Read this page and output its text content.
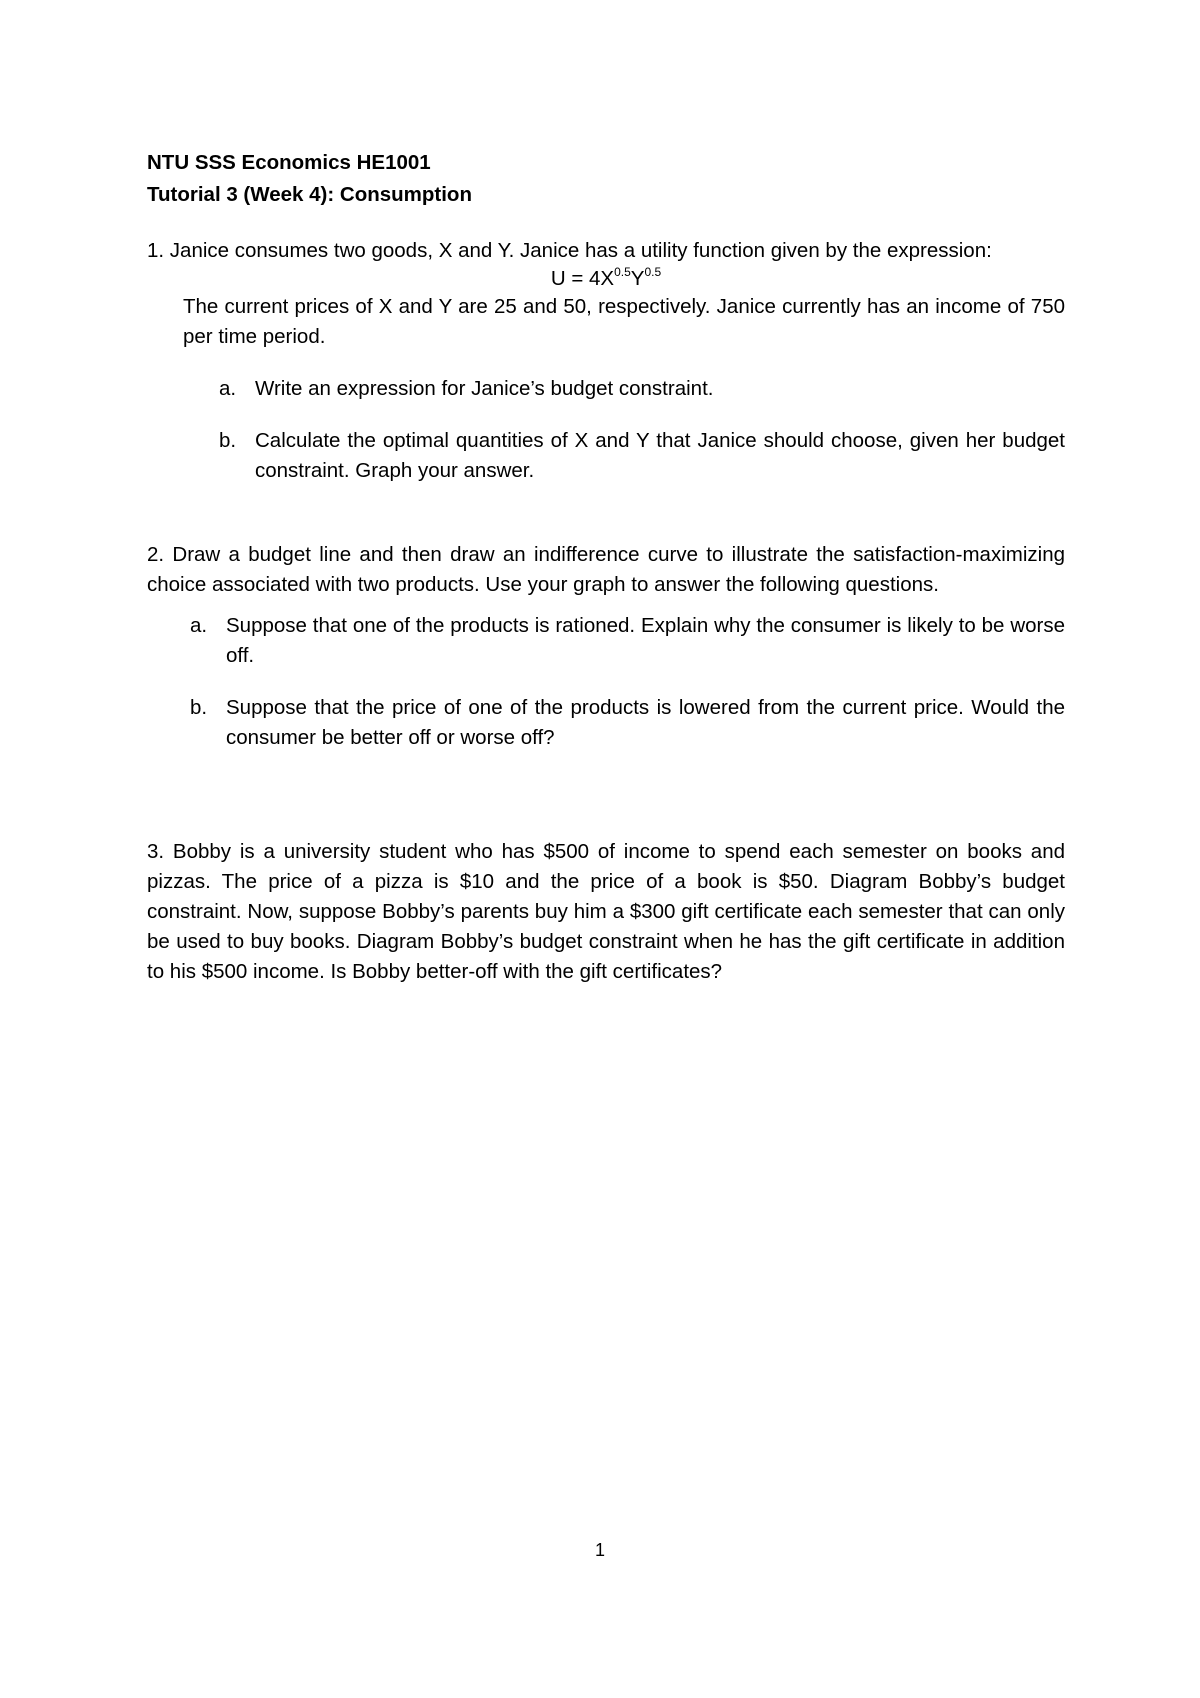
NTU SSS Economics HE1001

Tutorial 3 (Week 4): Consumption

1. Janice consumes two goods, X and Y. Janice has a utility function given by the expression:

$U = 4X^{0.5}Y^{0.5}$

The current prices of X and Y are 25 and 50, respectively. Janice currently has an income of 750 per time period.

a. Write an expression for Janice’s budget constraint.
b. Calculate the optimal quantities of X and Y that Janice should choose, given her budget constraint. Graph your answer.

2. Draw a budget line and then draw an indifference curve to illustrate the satisfaction-maximizing choice associated with two products. Use your graph to answer the following questions.

a. Suppose that one of the products is rationed. Explain why the consumer is likely to be worse off.
b. Suppose that the price of one of the products is lowered from the current price. Would the consumer be better off or worse off?

3. Bobby is a university student who has $500 of income to spend each semester on books and pizzas. The price of a pizza is $10 and the price of a book is $50. Diagram Bobby’s budget constraint. Now, suppose Bobby’s parents buy him a $300 gift certificate each semester that can only be used to buy books. Diagram Bobby’s budget constraint when he has the gift certificate in addition to his $500 income. Is Bobby better-off with the gift certificates?

1
